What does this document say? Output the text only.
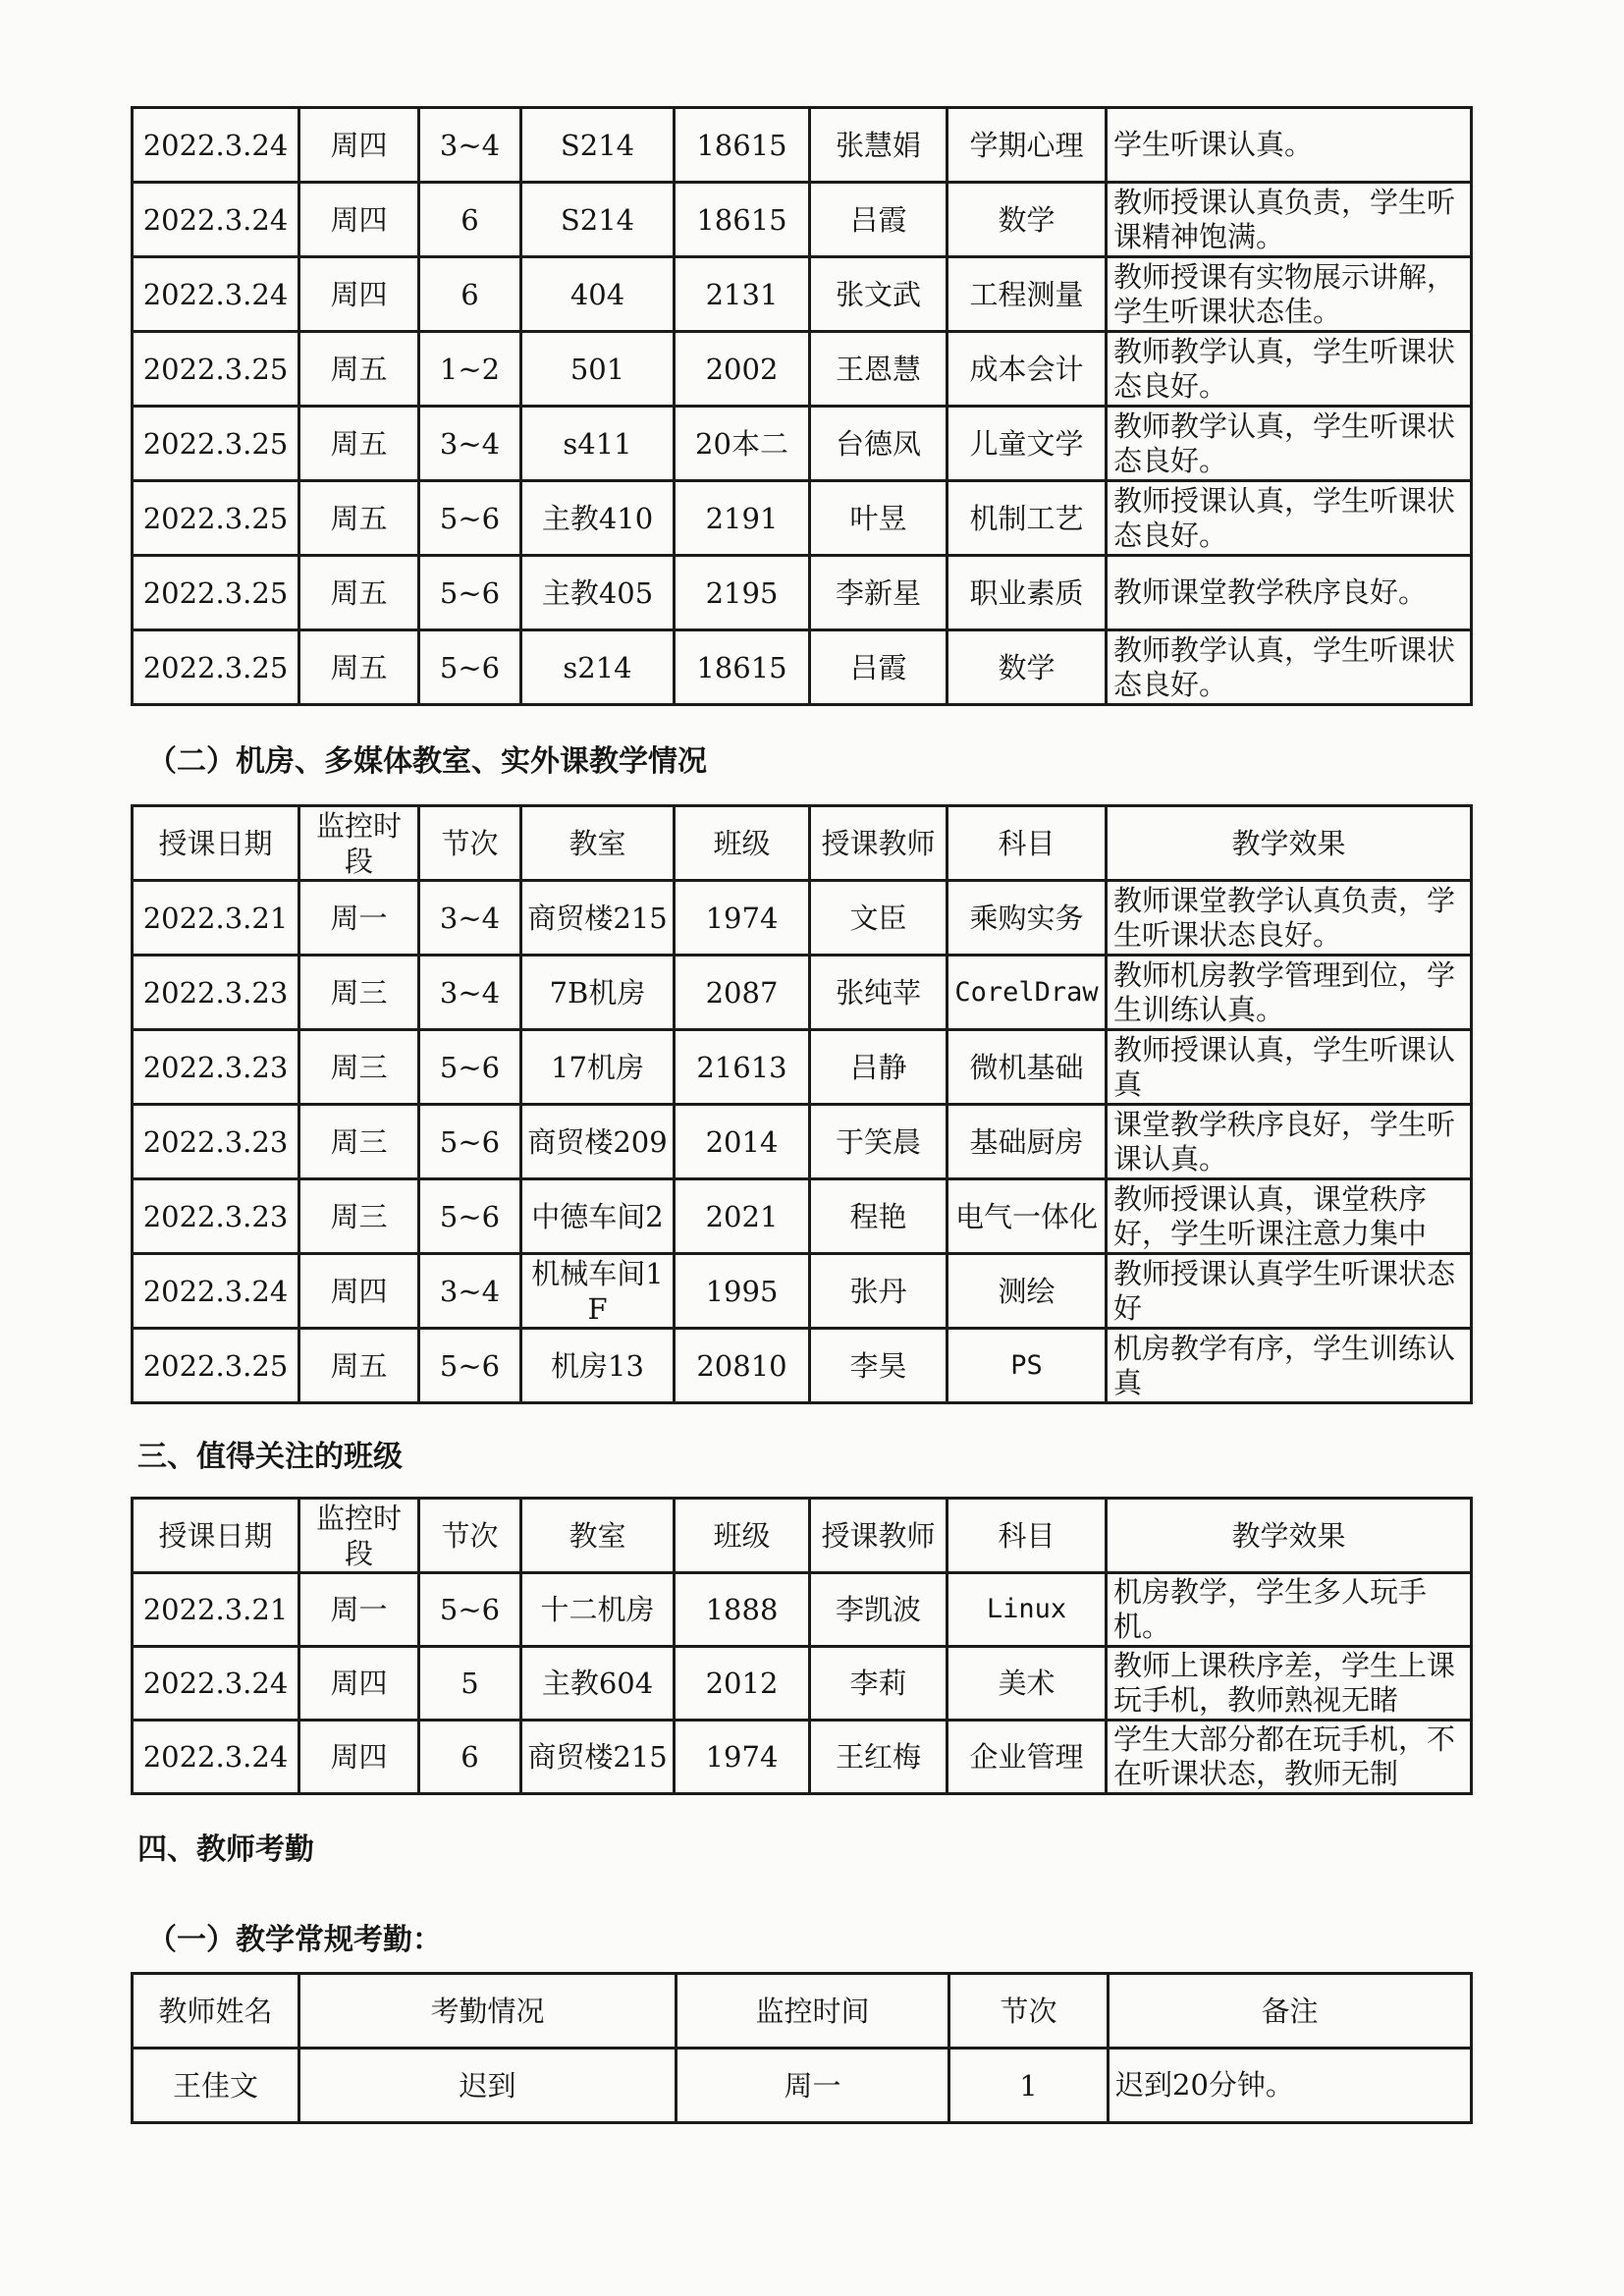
2022.3.24	周四	3~4	S214	18615	张慧娟	学期心理	学生听课认真。
2022.3.24	周四	6	S214	18615	吕霞	数学	教师授课认真负责，学生听课精神饱满。
2022.3.24	周四	6	404	2131	张文武	工程测量	教师授课有实物展示讲解，学生听课状态佳。
2022.3.25	周五	1~2	501	2002	王恩慧	成本会计	教师教学认真，学生听课状态良好。
2022.3.25	周五	3~4	s411	20本二	台德凤	儿童文学	教师教学认真，学生听课状态良好。
2022.3.25	周五	5~6	主教410	2191	叶昱	机制工艺	教师授课认真，学生听课状态良好。
2022.3.25	周五	5~6	主教405	2195	李新星	职业素质	教师课堂教学秩序良好。
2022.3.25	周五	5~6	s214	18615	吕霞	数学	教师教学认真，学生听课状态良好。
（二）机房、多媒体教室、实外课教学情况
授课日期	监控时段	节次	教室	班级	授课教师	科目	教学效果
2022.3.21	周一	3~4	商贸楼215	1974	文臣	乘购实务	教师课堂教学认真负责，学生听课状态良好。
2022.3.23	周三	3~4	7B机房	2087	张纯苹	CorelDraw	教师机房教学管理到位，学生训练认真。
2022.3.23	周三	5~6	17机房	21613	吕静	微机基础	教师授课认真，学生听课认真
2022.3.23	周三	5~6	商贸楼209	2014	于笑晨	基础厨房	课堂教学秩序良好，学生听课认真。
2022.3.23	周三	5~6	中德车间2	2021	程艳	电气一体化	教师授课认真，课堂秩序好，学生听课注意力集中
2022.3.24	周四	3~4	机械车间1F	1995	张丹	测绘	教师授课认真学生听课状态好
2022.3.25	周五	5~6	机房13	20810	李昊	PS	机房教学有序，学生训练认真
三、值得关注的班级
授课日期	监控时段	节次	教室	班级	授课教师	科目	教学效果
2022.3.21	周一	5~6	十二机房	1888	李凯波	Linux	机房教学，学生多人玩手机。
2022.3.24	周四	5	主教604	2012	李莉	美术	教师上课秩序差，学生上课玩手机，教师熟视无睹
2022.3.24	周四	6	商贸楼215	1974	王红梅	企业管理	学生大部分都在玩手机，不在听课状态，教师无制
四、教师考勤
（一）教学常规考勤：
教师姓名	考勤情况	监控时间	节次	备注
王佳文	迟到	周一	1	迟到20分钟。
